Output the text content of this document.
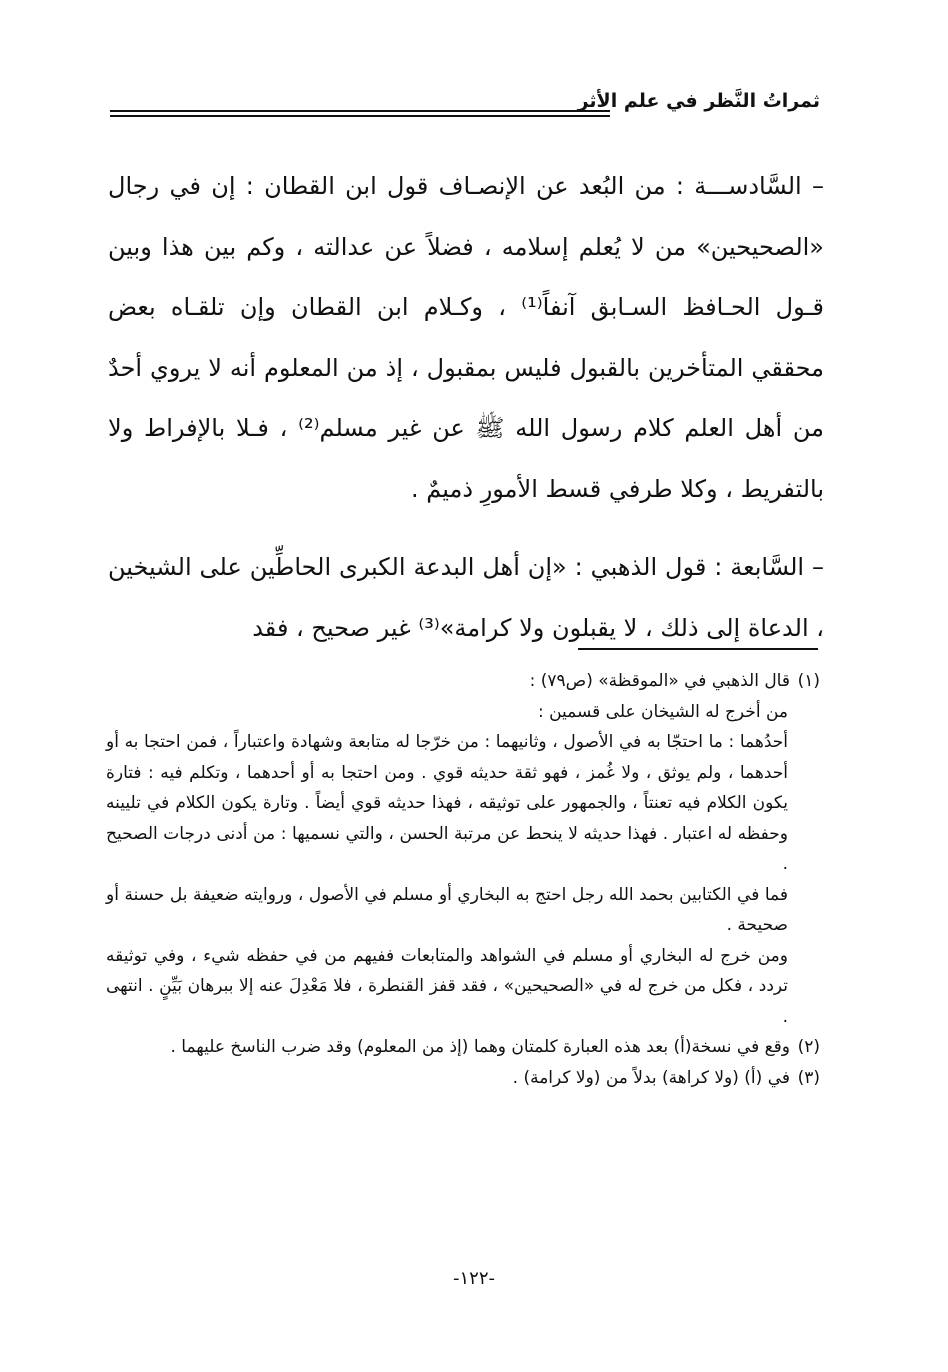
ثمراتُ النَّظر في علم الأثر

– السَّادســـة : من البُعد عن الإنصـاف قول ابن القطان : إن في رجال «الصحيحين» من لا يُعلم إسلامه ، فضلاً عن عدالته ، وكم بين هذا وبين قـول الحـافظ السـابق آنفاً⁽¹⁾ ، وكـلام ابن القطان وإن تلقـاه بعض محققي المتأخرين بالقبول فليس بمقبول ، إذ من المعلوم أنه لا يروي أحدٌ من أهل العلم كلام رسول الله ﷺ عن غير مسلم⁽²⁾ ، فـلا بالإفراط ولا بالتفريط ، وكلا طرفي قسط الأمورِ ذميمٌ .

– السَّابعة : قول الذهبي : «إن أهل البدعة الكبرى الحاطِّين على الشيخين ، الدعاة إلى ذلك ، لا يقبلون ولا كرامة»⁽³⁾ غير صحيح ، فقد

(١)

قال الذهبي في «الموقظة» (ص٧٩) :

من أخرج له الشيخان على قسمين :

أحدُهما : ما احتجّا به في الأصول ، وثانيهما : من خرّجا له متابعة وشهادة واعتباراً ، فمن احتجا به أو أحدهما ، ولم يوثق ، ولا غُمز ، فهو ثقة حديثه قوي . ومن احتجا به أو أحدهما ، وتكلم فيه : فتارة يكون الكلام فيه تعنتاً ، والجمهور على توثيقه ، فهذا حديثه قوي أيضاً . وتارة يكون الكلام في تليينه وحفظه له اعتبار . فهذا حديثه لا ينحط عن مرتبة الحسن ، والتي نسميها : من أدنى درجات الصحيح .

فما في الكتابين بحمد الله رجل احتج به البخاري أو مسلم في الأصول ، وروايته ضعيفة بل حسنة أو صحيحة .

ومن خرج له البخاري أو مسلم في الشواهد والمتابعات ففيهم من في حفظه شيء ، وفي توثيقه تردد ، فكل من خرج له في «الصحيحين» ، فقد قفز القنطرة ، فلا مَعْدِلَ عنه إلا ببرهان بَيِّنٍ . انتهى .

(٢)

وقع في نسخة(أ) بعد هذه العبارة كلمتان وهما (إذ من المعلوم) وقد ضرب الناسخ عليهما .

(٣)

في (أ) (ولا كراهة) بدلاً من (ولا كرامة) .

-١٢٢-
